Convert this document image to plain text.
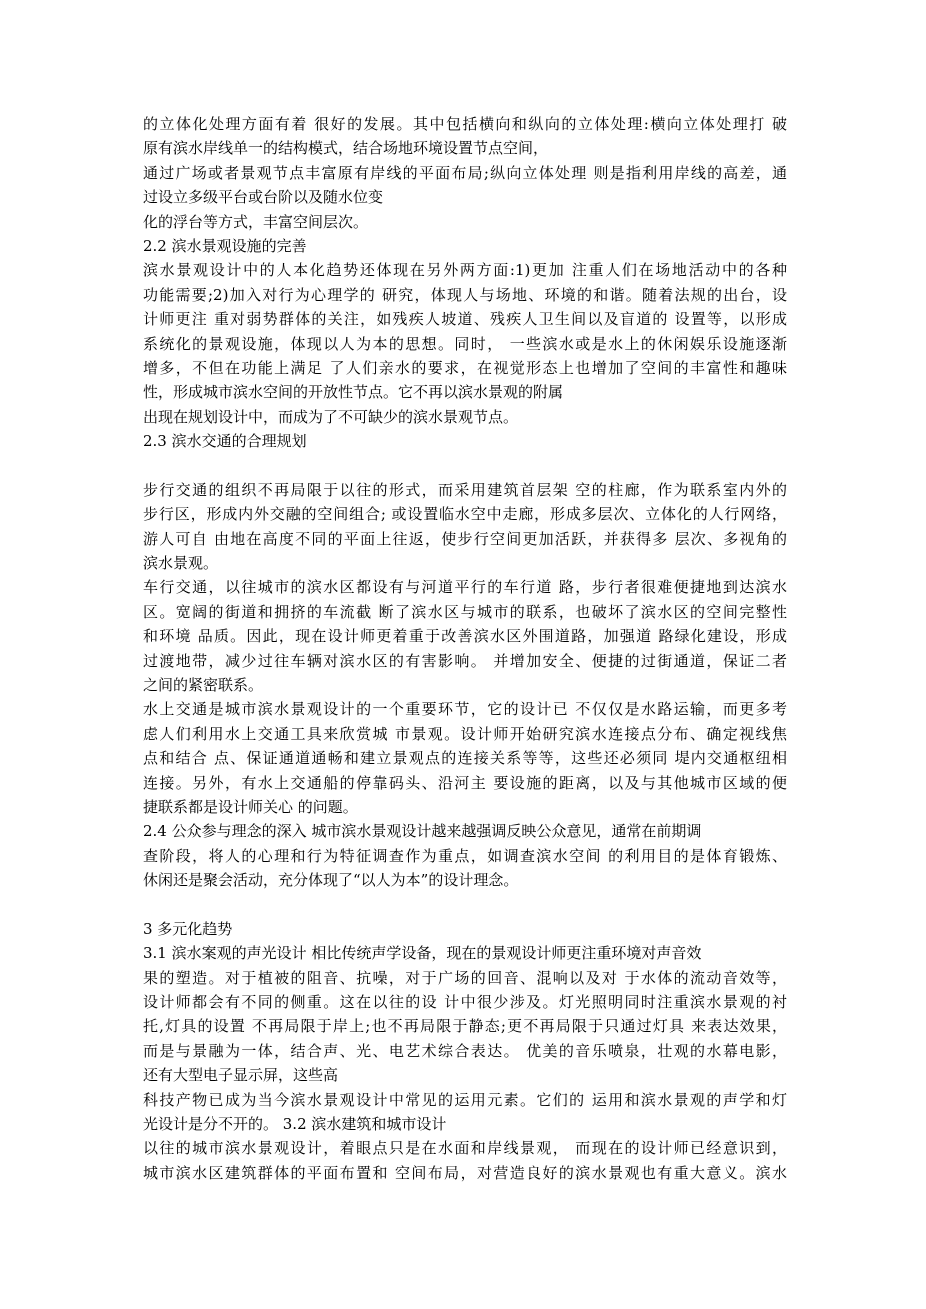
的立体化处理方面有着 很好的发展。其中包括横向和纵向的立体处理:横向立体处理打 破
原有滨水岸线单一的结构模式，结合场地环境设置节点空间，
通过广场或者景观节点丰富原有岸线的平面布局;纵向立体处理 则是指利用岸线的高差，通
过设立多级平台或台阶以及随水位变
化的浮台等方式，丰富空间层次。
2.2 滨水景观设施的完善
滨水景观设计中的人本化趋势还体现在另外两方面:1)更加 注重人们在场地活动中的各种
功能需要;2)加入对行为心理学的 研究，体现人与场地、环境的和谐。随着法规的出台，设
计师更注 重对弱势群体的关注，如残疾人坡道、残疾人卫生间以及盲道的 设置等，以形成
系统化的景观设施，体现以人为本的思想。同时， 一些滨水或是水上的休闲娱乐设施逐渐
增多，不但在功能上满足 了人们亲水的要求，在视觉形态上也增加了空间的丰富性和趣味
性，形成城市滨水空间的开放性节点。它不再以滨水景观的附属
出现在规划设计中，而成为了不可缺少的滨水景观节点。
2.3 滨水交通的合理规划
步行交通的组织不再局限于以往的形式，而采用建筑首层架 空的柱廊，作为联系室内外的
步行区，形成内外交融的空间组合; 或设置临水空中走廊，形成多层次、立体化的人行网络，
游人可自 由地在高度不同的平面上往返，使步行空间更加活跃，并获得多 层次、多视角的
滨水景观。
车行交通，以往城市的滨水区都设有与河道平行的车行道 路，步行者很难便捷地到达滨水
区。宽阔的街道和拥挤的车流截 断了滨水区与城市的联系，也破坏了滨水区的空间完整性
和环境 品质。因此，现在设计师更着重于改善滨水区外围道路，加强道 路绿化建设，形成
过渡地带，减少过往车辆对滨水区的有害影响。 并增加安全、便捷的过街通道，保证二者
之间的紧密联系。
水上交通是城市滨水景观设计的一个重要环节，它的设计已 不仅仅是水路运输，而更多考
虑人们利用水上交通工具来欣赏城 市景观。设计师开始研究滨水连接点分布、确定视线焦
点和结合 点、保证通道通畅和建立景观点的连接关系等等，这些还必须同 堤内交通枢纽相
连接。另外，有水上交通船的停靠码头、沿河主 要设施的距离，以及与其他城市区域的便
捷联系都是设计师关心 的问题。
2.4 公众参与理念的深入 城市滨水景观设计越来越强调反映公众意见，通常在前期调
查阶段，将人的心理和行为特征调查作为重点，如调查滨水空间 的利用目的是体育锻炼、
休闲还是聚会活动，充分体现了“以人为本”的设计理念。
3 多元化趋势
3.1 滨水案观的声光设计 相比传统声学设备，现在的景观设计师更注重环境对声音效
果的塑造。对于植被的阻音、抗噪，对于广场的回音、混响以及对 于水体的流动音效等，
设计师都会有不同的侧重。这在以往的设 计中很少涉及。灯光照明同时注重滨水景观的衬
托,灯具的设置 不再局限于岸上;也不再局限于静态;更不再局限于只通过灯具 来表达效果，
而是与景融为一体，结合声、光、电艺术综合表达。 优美的音乐喷泉，壮观的水幕电影，
还有大型电子显示屏，这些高
科技产物已成为当今滨水景观设计中常见的运用元素。它们的 运用和滨水景观的声学和灯
光设计是分不开的。 3.2 滨水建筑和城市设计
以往的城市滨水景观设计，着眼点只是在水面和岸线景观， 而现在的设计师已经意识到，
城市滨水区建筑群体的平面布置和 空间布局，对营造良好的滨水景观也有重大意义。滨水
